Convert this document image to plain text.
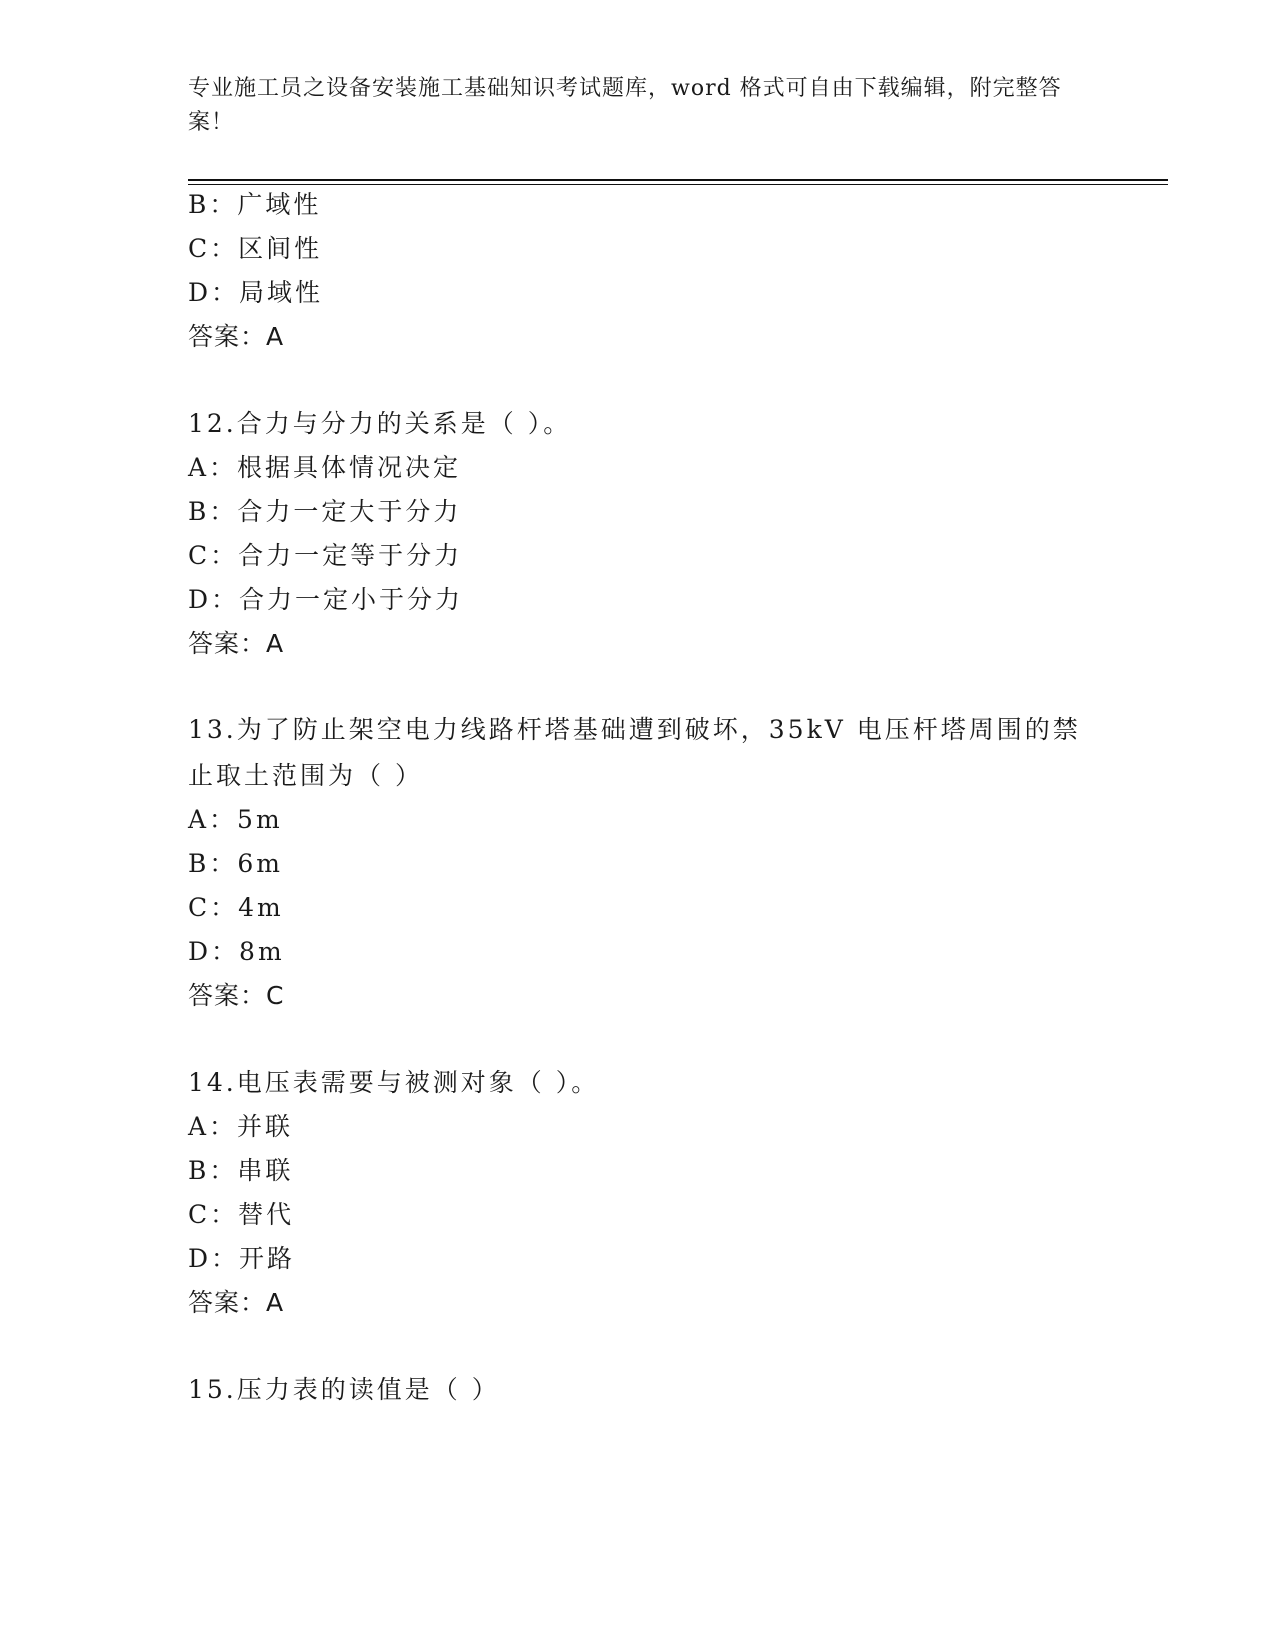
专业施工员之设备安装施工基础知识考试题库，word 格式可自由下载编辑，附完整答案！
B：广域性
C：区间性
D：局域性
答案：A
12.合力与分力的关系是（ ）。
A：根据具体情况决定
B：合力一定大于分力
C：合力一定等于分力
D：合力一定小于分力
答案：A
13.为了防止架空电力线路杆塔基础遭到破坏，35kV 电压杆塔周围的禁止取土范围为（ ）
A：5m
B：6m
C：4m
D：8m
答案：C
14.电压表需要与被测对象（ ）。
A：并联
B：串联
C：替代
D：开路
答案：A
15.压力表的读值是（ ）
